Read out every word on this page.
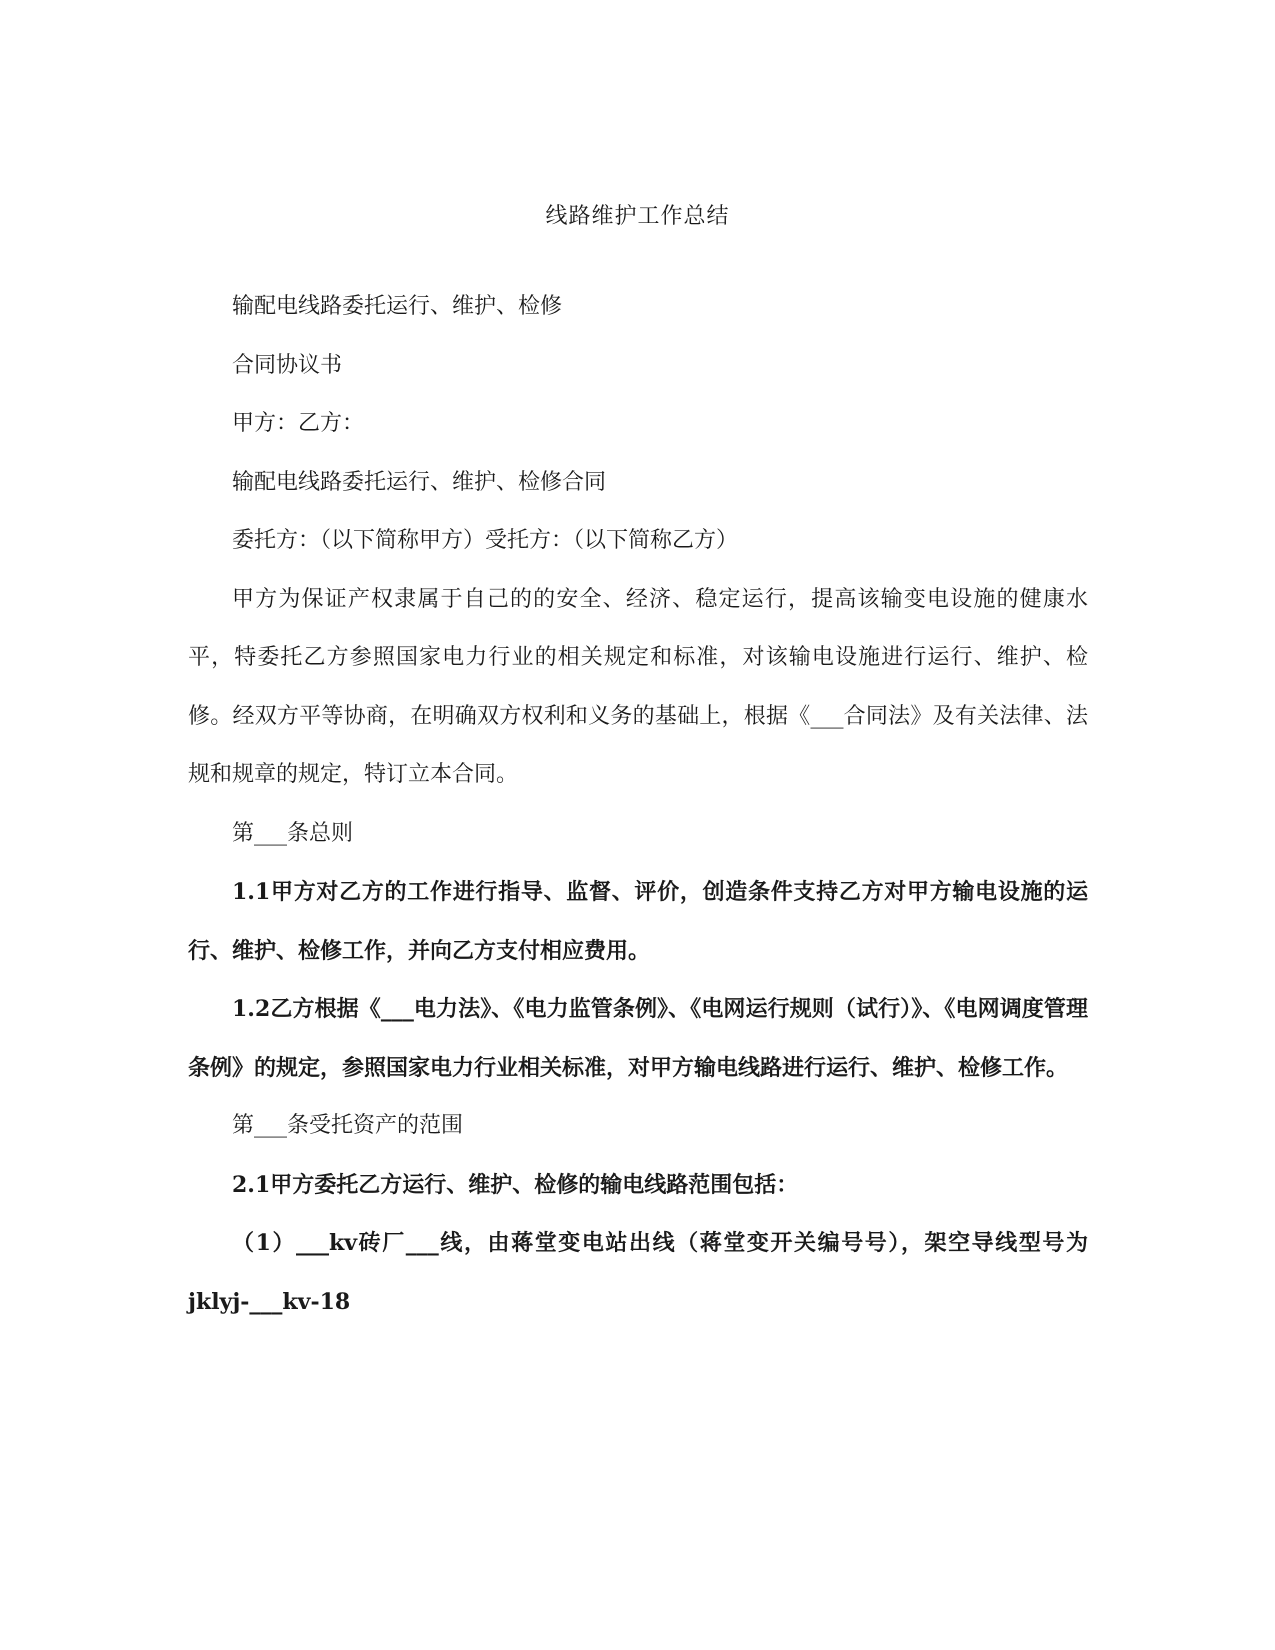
线路维护工作总结

输配电线路委托运行、维护、检修

合同协议书

甲方：乙方：

输配电线路委托运行、维护、检修合同

委托方：（以下简称甲方）受托方：（以下简称乙方）

甲方为保证产权隶属于自己的的安全、经济、稳定运行，提高该输变电设施的健康水平，特委托乙方参照国家电力行业的相关规定和标准，对该输电设施进行运行、维护、检修。经双方平等协商，在明确双方权利和义务的基础上，根据《___合同法》及有关法律、法规和规章的规定，特订立本合同。

第___条总则

1.1甲方对乙方的工作进行指导、监督、评价，创造条件支持乙方对甲方输电设施的运行、维护、检修工作，并向乙方支付相应费用。

1.2乙方根据《___电力法》、《电力监管条例》、《电网运行规则（试行）》、《电网调度管理条例》的规定，参照国家电力行业相关标准，对甲方输电线路进行运行、维护、检修工作。

第___条受托资产的范围

2.1甲方委托乙方运行、维护、检修的输电线路范围包括：

（1）___kv砖厂___线，由蒋堂变电站出线（蒋堂变开关编号号），架空导线型号为jklyj-___kv-18
